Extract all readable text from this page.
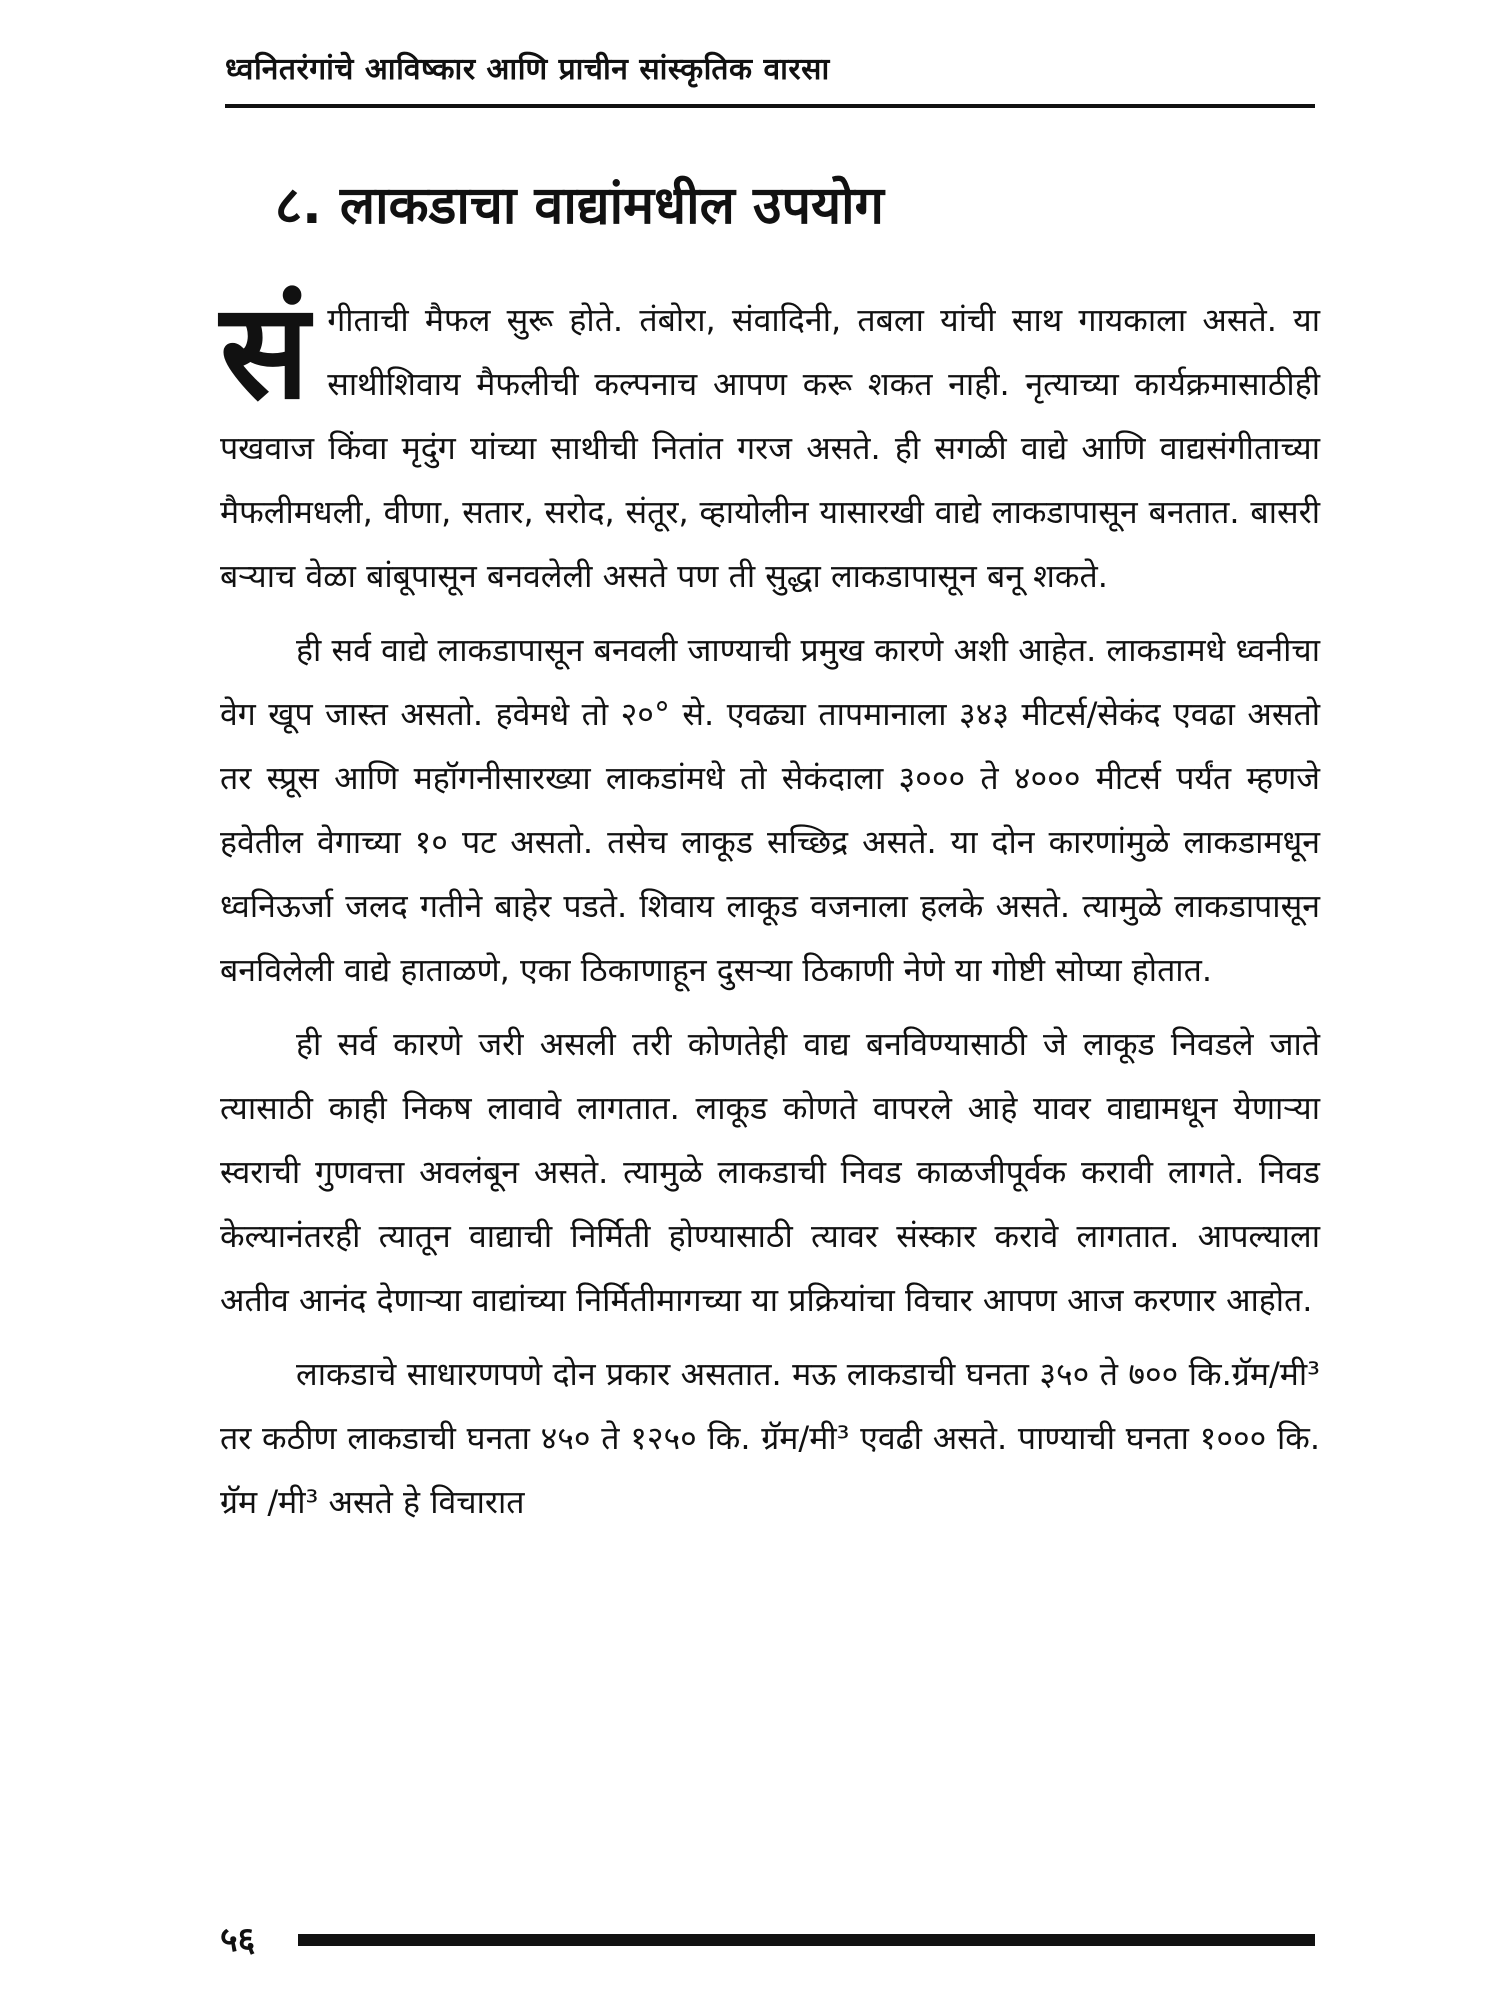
ध्वनितरंगांचे आविष्कार आणि प्राचीन सांस्कृतिक वारसा
८. लाकडाचा वाद्यांमधील उपयोग

संगीताची मैफल सुरू होते. तंबोरा, संवादिनी, तबला यांची साथ गायकाला असते. या साथीशिवाय मैफलीची कल्पनाच आपण करू शकत नाही. नृत्याच्या कार्यक्रमासाठीही पखवाज किंवा मृदुंग यांच्या साथीची नितांत गरज असते. ही सगळी वाद्ये आणि वाद्यसंगीताच्या मैफलीमधली, वीणा, सतार, सरोद, संतूर, व्हायोलीन यासारखी वाद्ये लाकडापासून बनतात. बासरी बऱ्याच वेळा बांबूपासून बनवलेली असते पण ती सुद्धा लाकडापासून बनू शकते.

ही सर्व वाद्ये लाकडापासून बनवली जाण्याची प्रमुख कारणे अशी आहेत. लाकडामधे ध्वनीचा वेग खूप जास्त असतो. हवेमधे तो २०° से. एवढ्या तापमानाला ३४३ मीटर्स/सेकंद एवढा असतो तर स्प्रूस आणि महॉगनीसारख्या लाकडांमधे तो सेकंदाला ३००० ते ४००० मीटर्स पर्यंत म्हणजे हवेतील वेगाच्या १० पट असतो. तसेच लाकूड सच्छिद्र असते. या दोन कारणांमुळे लाकडामधून ध्वनिऊर्जा जलद गतीने बाहेर पडते. शिवाय लाकूड वजनाला हलके असते. त्यामुळे लाकडापासून बनविलेली वाद्ये हाताळणे, एका ठिकाणाहून दुसऱ्या ठिकाणी नेणे या गोष्टी सोप्या होतात.

ही सर्व कारणे जरी असली तरी कोणतेही वाद्य बनविण्यासाठी जे लाकूड निवडले जाते त्यासाठी काही निकष लावावे लागतात. लाकूड कोणते वापरले आहे यावर वाद्यामधून येणाऱ्या स्वराची गुणवत्ता अवलंबून असते. त्यामुळे लाकडाची निवड काळजीपूर्वक करावी लागते. निवड केल्यानंतरही त्यातून वाद्याची निर्मिती होण्यासाठी त्यावर संस्कार करावे लागतात. आपल्याला अतीव आनंद देणाऱ्या वाद्यांच्या निर्मितीमागच्या या प्रक्रियांचा विचार आपण आज करणार आहोत.

लाकडाचे साधारणपणे दोन प्रकार असतात. मऊ लाकडाची घनता ३५० ते ७०० कि.ग्रॅम/मी³ तर कठीण लाकडाची घनता ४५० ते १२५० कि. ग्रॅम/मी³ एवढी असते. पाण्याची घनता १००० कि. ग्रॅम /मी³ असते हे विचारात

५६
